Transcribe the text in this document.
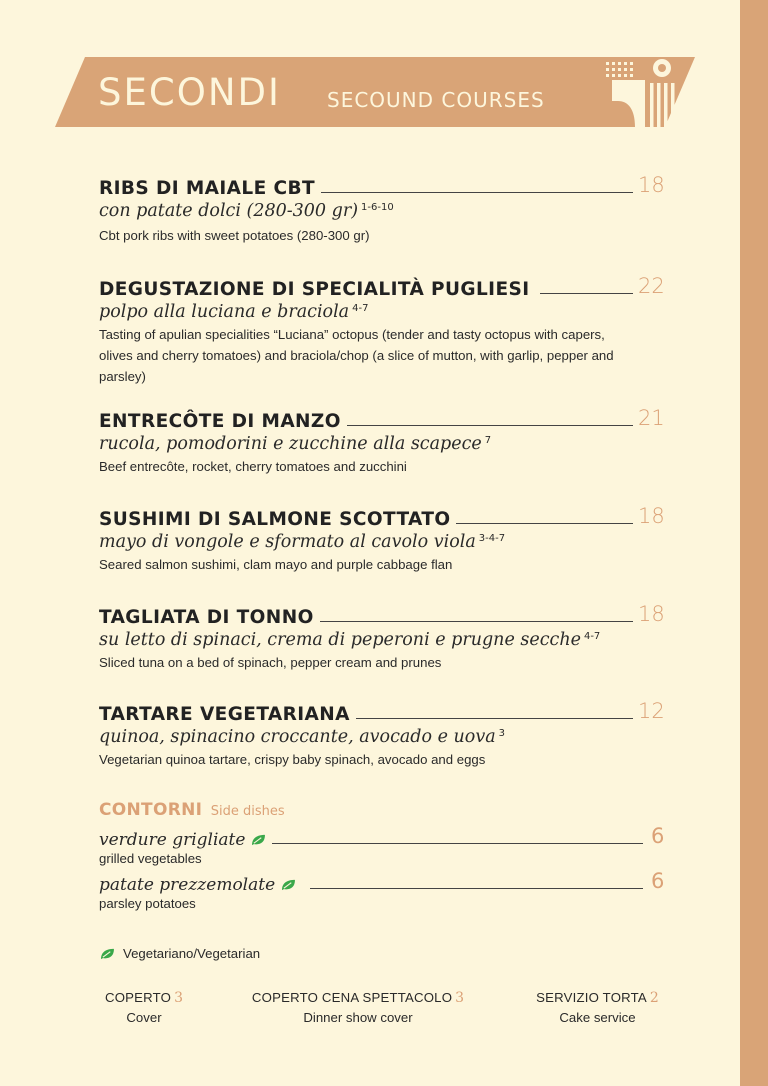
SECONDI SECOUND COURSES
RIBS DI MAIALE CBT	18
con patate dolci (280-300 gr) $^{1-6-10}$
Cbt pork ribs with sweet potatoes (280-300 gr)
DEGUSTAZIONE DI SPECIALITÀ PUGLIESI	22
polpo alla luciana e braciola $^{4-7}$
Tasting of apulian specialities “Luciana” octopus (tender and tasty octopus with capers, olives and cherry tomatoes) and braciola/chop (a slice of mutton, with garlip, pepper and parsley)
ENTRECÔTE DI MANZO	21
rucola, pomodorini e zucchine alla scapece $^7$
Beef entrecôte, rocket, cherry tomatoes and zucchini
SUSHIMI DI SALMONE SCOTTATO	18
mayo di vongole e sformato al cavolo viola $^{3-4-7}$
Seared salmon sushimi, clam mayo and purple cabbage flan
TAGLIATA DI TONNO	18
su letto di spinaci, crema di peperoni e prugne secche $^{4-7}$
Sliced tuna on a bed of spinach, pepper cream and prunes
TARTARE VEGETARIANA	12
quinoa, spinacino croccante, avocado e uova $^3$
Vegetarian quinoa tartare, crispy baby spinach, avocado and eggs
CONTORNI Side dishes
verdure grigliate	6
grilled vegetables
patate prezzemolate	6
parsley potatoes
Vegetariano/Vegetarian
COPERTO 3
Cover
COPERTO CENA SPETTACOLO 3
Dinner show cover
SERVIZIO TORTA 2
Cake service
